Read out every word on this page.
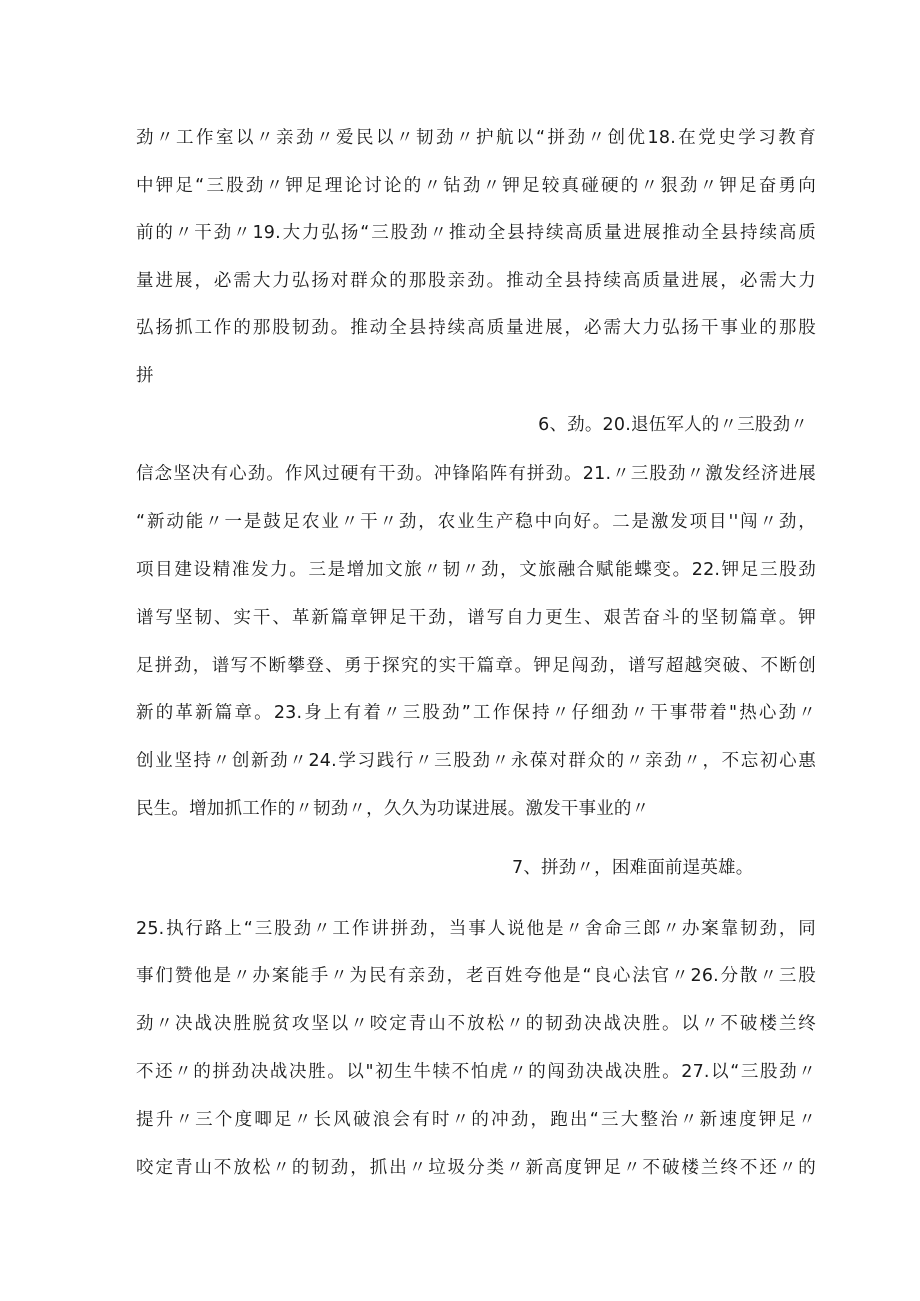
劲〃工作室以〃亲劲〃爱民以〃韧劲〃护航以“拼劲〃创优18.在党史学习教育
中钾足“三股劲〃钾足理论讨论的〃钻劲〃钾足较真碰硬的〃狠劲〃钾足奋勇向
前的〃干劲〃19.大力弘扬“三股劲〃推动全县持续高质量进展推动全县持续高质
量进展，必需大力弘扬对群众的那股亲劲。推动全县持续高质量进展，必需大力
弘扬抓工作的那股韧劲。推动全县持续高质量进展，必需大力弘扬干事业的那股
拼
6、劲。20.退伍军人的〃三股劲〃
信念坚决有心劲。作风过硬有干劲。冲锋陷阵有拼劲。21.〃三股劲〃激发经济进展
“新动能〃一是鼓足农业〃干〃劲，农业生产稳中向好。二是激发项目''闯〃劲，
项目建设精准发力。三是增加文旅〃韧〃劲，文旅融合赋能蝶变。22.钾足三股劲
谱写坚韧、实干、革新篇章钾足干劲，谱写自力更生、艰苦奋斗的坚韧篇章。钾
足拼劲，谱写不断攀登、勇于探究的实干篇章。钾足闯劲，谱写超越突破、不断创
新的革新篇章。23.身上有着〃三股劲”工作保持〃仔细劲〃干事带着"热心劲〃
创业坚持〃创新劲〃24.学习践行〃三股劲〃永葆对群众的〃亲劲〃，不忘初心惠
民生。增加抓工作的〃韧劲〃，久久为功谋进展。激发干事业的〃
7、拼劲〃，困难面前逞英雄。
25.执行路上“三股劲〃工作讲拼劲，当事人说他是〃舍命三郎〃办案靠韧劲，同
事们赞他是〃办案能手〃为民有亲劲，老百姓夸他是“良心法官〃26.分散〃三股
劲〃决战决胜脱贫攻坚以〃咬定青山不放松〃的韧劲决战决胜。以〃不破楼兰终
不还〃的拼劲决战决胜。以"初生牛犊不怕虎〃的闯劲决战决胜。27.以“三股劲〃
提升〃三个度唧足〃长风破浪会有时〃的冲劲，跑出“三大整治〃新速度钾足〃
咬定青山不放松〃的韧劲，抓出〃垃圾分类〃新高度钾足〃不破楼兰终不还〃的
